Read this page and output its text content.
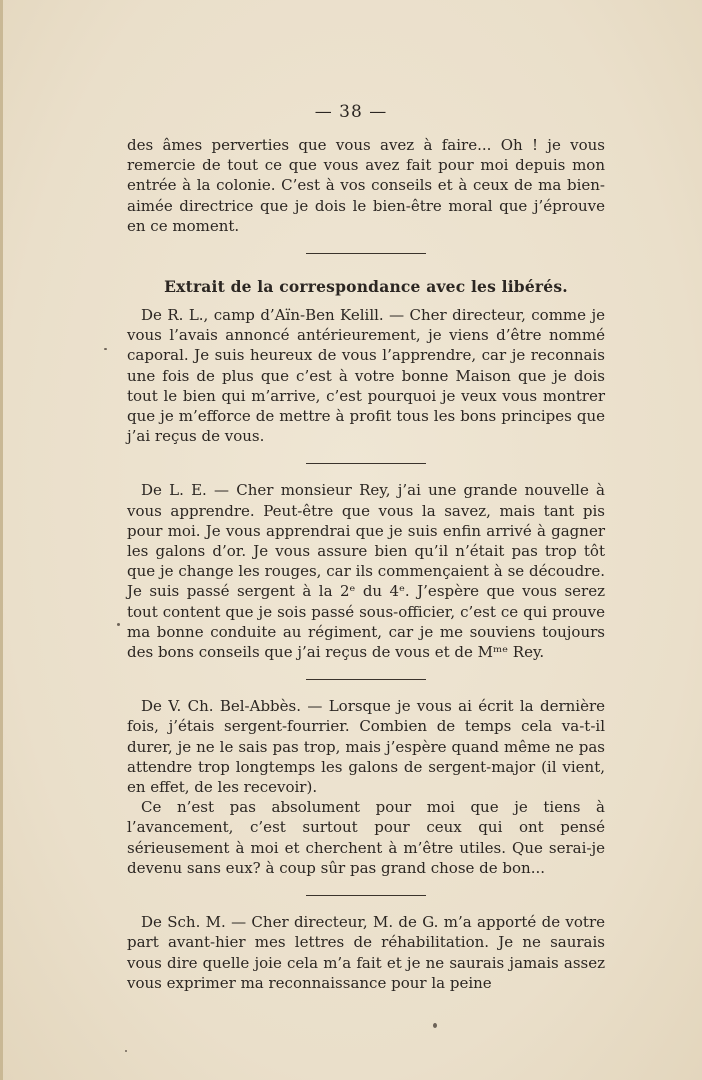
— 38 —

des âmes perverties que vous avez à faire... Oh ! je vous remercie de tout ce que vous avez fait pour moi depuis mon entrée à la colonie. C’est à vos conseils et à ceux de ma bien-aimée directrice que je dois le bien-être moral que j’éprouve en ce moment.

Extrait de la correspondance avec les libérés.

De R. L., camp d’Aïn-Ben Kelill. — Cher directeur, comme je vous l’avais annoncé antérieurement, je viens d’être nommé caporal. Je suis heureux de vous l’apprendre, car je reconnais une fois de plus que c’est à votre bonne Maison que je dois tout le bien qui m’arrive, c’est pourquoi je veux vous montrer que je m’efforce de mettre à profit tous les bons principes que j’ai reçus de vous.

De L. E. — Cher monsieur Rey, j’ai une grande nouvelle à vous apprendre. Peut-être que vous la savez, mais tant pis pour moi. Je vous apprendrai que je suis enfin arrivé à gagner les galons d’or. Je vous assure bien qu’il n’était pas trop tôt que je change les rouges, car ils commençaient à se découdre. Je suis passé sergent à la 2ᵉ du 4ᵉ. J’espère que vous serez tout content que je sois passé sous-officier, c’est ce qui prouve ma bonne conduite au régiment, car je me souviens toujours des bons conseils que j’ai reçus de vous et de Mᵐᵉ Rey.

De V. Ch. Bel-Abbès. — Lorsque je vous ai écrit la dernière fois, j’étais sergent-fourrier. Combien de temps cela va-t-il durer, je ne le sais pas trop, mais j’espère quand même ne pas attendre trop longtemps les galons de sergent-major (il vient, en effet, de les recevoir).

Ce n’est pas absolument pour moi que je tiens à l’avancement, c’est surtout pour ceux qui ont pensé sérieusement à moi et cherchent à m’être utiles. Que serai-je devenu sans eux? à coup sûr pas grand chose de bon...

De Sch. M. — Cher directeur, M. de G. m’a apporté de votre part avant-hier mes lettres de réhabilitation. Je ne saurais vous dire quelle joie cela m’a fait et je ne saurais jamais assez vous exprimer ma reconnaissance pour la peine
